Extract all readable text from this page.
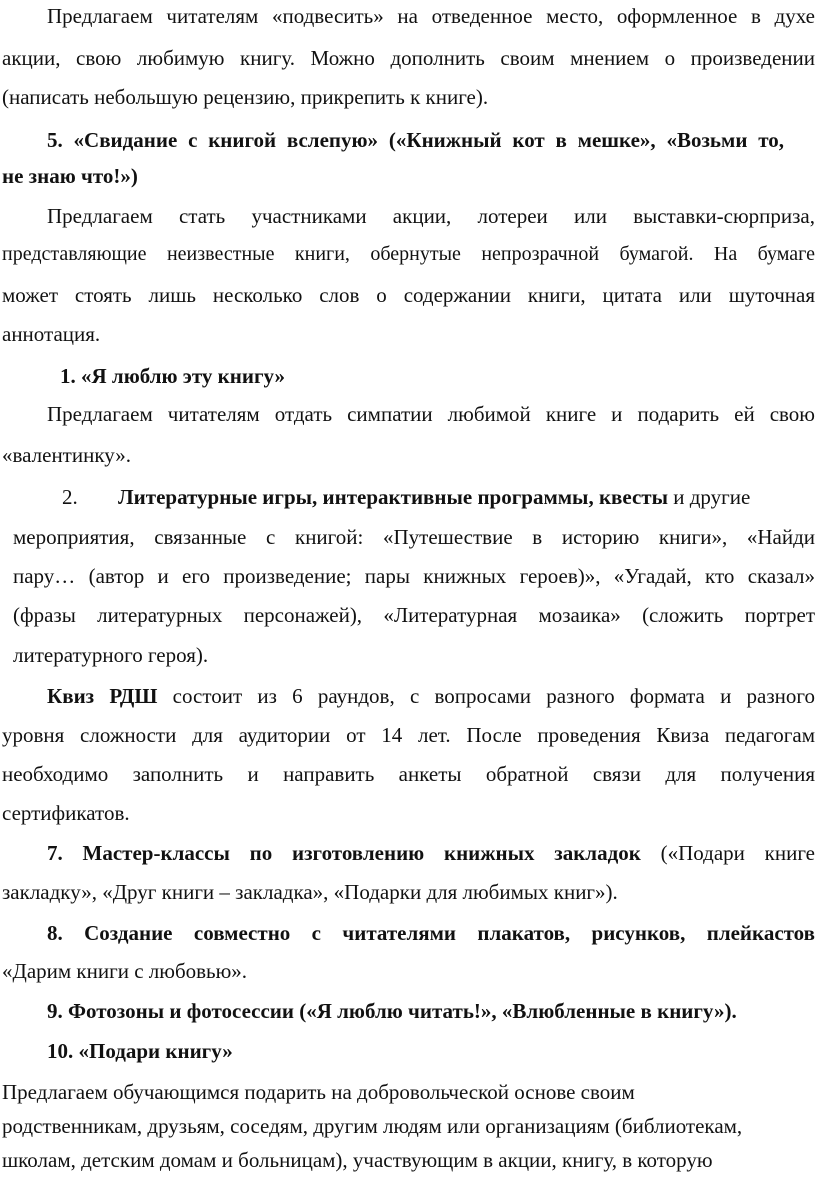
Предлагаем читателям «подвесить» на отведенное место, оформленное в духе
акции, свою любимую книгу. Можно дополнить своим мнением о произведении
(написать небольшую рецензию, прикрепить к книге).
5. «Свидание с книгой вслепую» («Книжный кот в мешке», «Возьми то,
не знаю что!»)
Предлагаем стать участниками акции, лотереи или выставки-сюрприза,
представляющие неизвестные книги, обернутые непрозрачной бумагой. На бумаге
может стоять лишь несколько слов о содержании книги, цитата или шуточная
аннотация.
1. «Я люблю эту книгу»
Предлагаем читателям отдать симпатии любимой книге и подарить ей свою
«валентинку».
2. Литературные игры, интерактивные программы, квесты и другие
мероприятия, связанные с книгой: «Путешествие в историю книги», «Найди
пару… (автор и его произведение; пары книжных героев)», «Угадай, кто сказал»
(фразы литературных персонажей), «Литературная мозаика» (сложить портрет
литературного героя).
Квиз РДШ состоит из 6 раундов, с вопросами разного формата и разного
уровня сложности для аудитории от 14 лет. После проведения Квиза педагогам
необходимо заполнить и направить анкеты обратной связи для получения
сертификатов.
7. Мастер-классы по изготовлению книжных закладок («Подари книге
закладку», «Друг книги – закладка», «Подарки для любимых книг»).
8. Создание совместно с читателями плакатов, рисунков, плейкастов
«Дарим книги с любовью».
9. Фотозоны и фотосессии («Я люблю читать!», «Влюбленные в книгу»).
10. «Подари книгу»
Предлагаем обучающимся подарить на добровольческой основе своим
родственникам, друзьям, соседям, другим людям или организациям (библиотекам,
школам, детским домам и больницам), участвующим в акции, книгу, в которую
